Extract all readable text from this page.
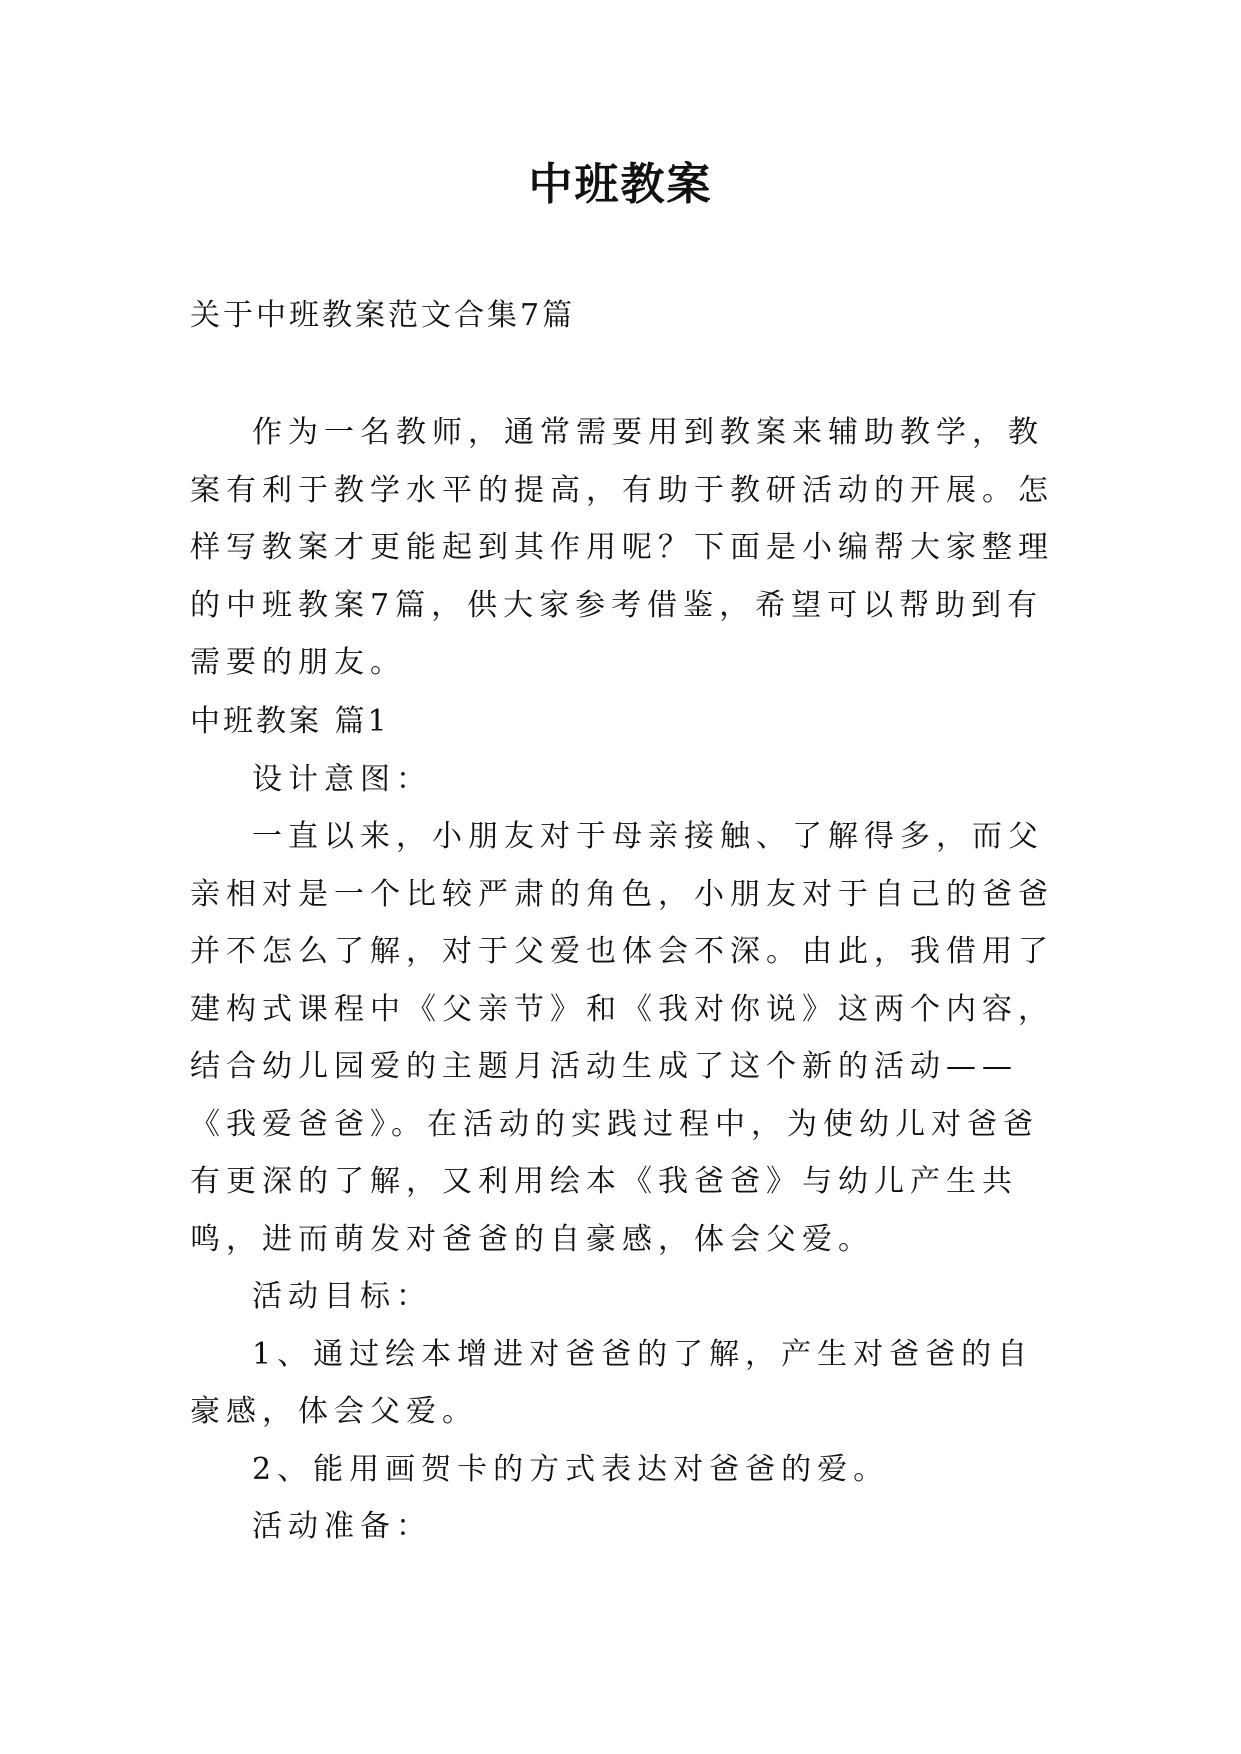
中班教案
关于中班教案范文合集7篇

作为一名教师，通常需要用到教案来辅助教学，教案有利于教学水平的提高，有助于教研活动的开展。怎样写教案才更能起到其作用呢？下面是小编帮大家整理的中班教案7篇，供大家参考借鉴，希望可以帮助到有需要的朋友。

中班教案 篇1

设计意图：

一直以来，小朋友对于母亲接触、了解得多，而父亲相对是一个比较严肃的角色，小朋友对于自己的爸爸并不怎么了解，对于父爱也体会不深。由此，我借用了建构式课程中《父亲节》和《我对你说》这两个内容，结合幼儿园爱的主题月活动生成了这个新的活动——《我爱爸爸》。在活动的实践过程中，为使幼儿对爸爸有更深的了解，又利用绘本《我爸爸》与幼儿产生共鸣，进而萌发对爸爸的自豪感，体会父爱。

活动目标：

1、通过绘本增进对爸爸的了解，产生对爸爸的自豪感，体会父爱。

2、能用画贺卡的方式表达对爸爸的爱。

活动准备：
